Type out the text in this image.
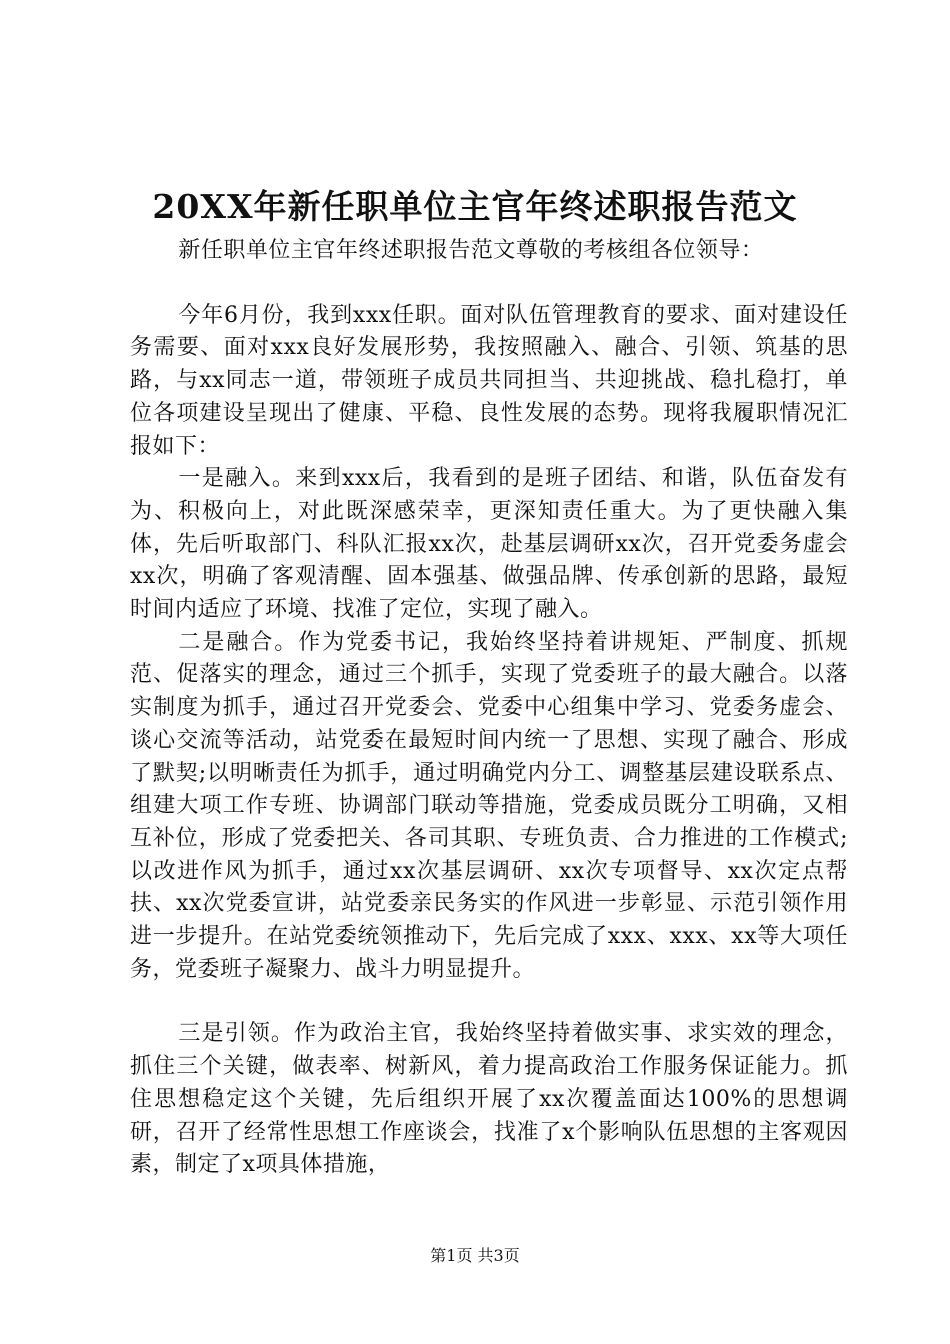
20XX年新任职单位主官年终述职报告范文

新任职单位主官年终述职报告范文尊敬的考核组各位领导：

今年6月份，我到xxx任职。面对队伍管理教育的要求、面对建设任务需要、面对xxx良好发展形势，我按照融入、融合、引领、筑基的思路，与xx同志一道，带领班子成员共同担当、共迎挑战、稳扎稳打，单位各项建设呈现出了健康、平稳、良性发展的态势。现将我履职情况汇报如下：

一是融入。来到xxx后，我看到的是班子团结、和谐，队伍奋发有为、积极向上，对此既深感荣幸，更深知责任重大。为了更快融入集体，先后听取部门、科队汇报xx次，赴基层调研xx次，召开党委务虚会xx次，明确了客观清醒、固本强基、做强品牌、传承创新的思路，最短时间内适应了环境、找准了定位，实现了融入。

二是融合。作为党委书记，我始终坚持着讲规矩、严制度、抓规范、促落实的理念，通过三个抓手，实现了党委班子的最大融合。以落实制度为抓手，通过召开党委会、党委中心组集中学习、党委务虚会、谈心交流等活动，站党委在最短时间内统一了思想、实现了融合、形成了默契;以明晰责任为抓手，通过明确党内分工、调整基层建设联系点、组建大项工作专班、协调部门联动等措施，党委成员既分工明确，又相互补位，形成了党委把关、各司其职、专班负责、合力推进的工作模式;以改进作风为抓手，通过xx次基层调研、xx次专项督导、xx次定点帮扶、xx次党委宣讲，站党委亲民务实的作风进一步彰显、示范引领作用进一步提升。在站党委统领推动下，先后完成了xxx、xxx、xx等大项任务，党委班子凝聚力、战斗力明显提升。

三是引领。作为政治主官，我始终坚持着做实事、求实效的理念，抓住三个关键，做表率、树新风，着力提高政治工作服务保证能力。抓住思想稳定这个关键，先后组织开展了xx次覆盖面达100%的思想调研，召开了经常性思想工作座谈会，找准了x个影响队伍思想的主客观因素，制定了x项具体措施，

第1页 共3页
